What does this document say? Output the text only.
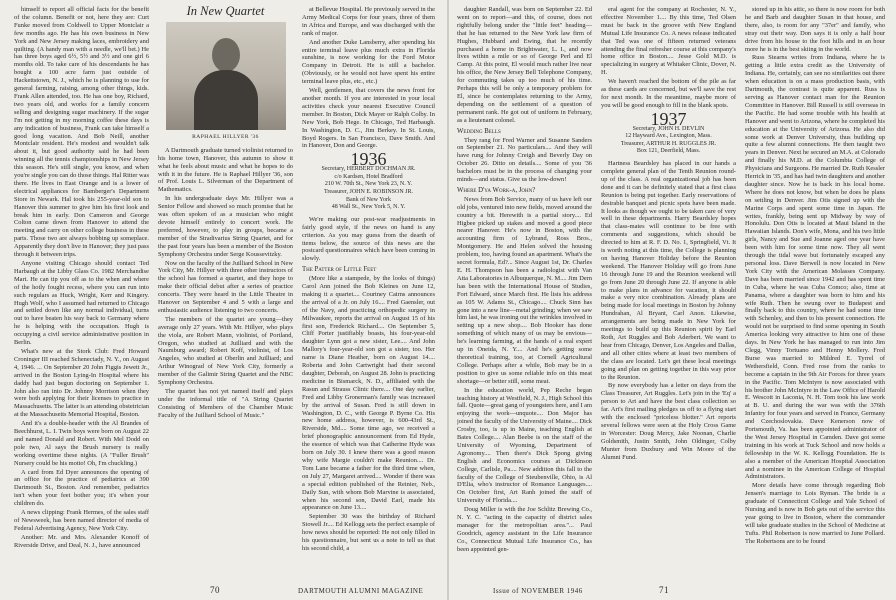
himself to report all official facts for the benefit of the column. Benefit or not, here they are: Curt Funke moved from Coldwell to Upper Montclair a few months ago. He has his own business in New York and New Jersey making laces, embroidery and quilting. (A handy man with a needle, we'll bet.) He has three boys aged 6½, 5½ and 3½ and one girl 6 months old. To take care of his descendants he has bought a 100 acre farm just outside of Hackettstown, N. J., which he is planning to use for general farming, raising, among other things, kids. Frank Allen attended, too. He has one boy, Richard, two years old, and works for a family concern selling and designing sugar machinery. If the sugar I'm not getting in my morning coffee these days is any indication of business, Frank can take himself a good long vacation. And Bob Neill, another Montclair resident. He's modest and wouldn't talk about it, but good authority said he had been winning all the tennis championships in New Jersey this season. He's still single, you know, and when you're single you can do those things. Hal Ritter was there. He lives in East Orange and is a lower of electrical appliances for Bamberger's Department Store in Newark. Hal took his 255-year-old son to Hanover this summer to give him his first look and break him in early. Don Cameron and George Colton came down from Hanover to attend the meeting and carry on other college business in these parts. Those two are always bobbing up someplace. Apparently they don't live in Hanover; they just pass through it between trips.

Anyone visiting Chicago should contact Ted Harbaugh at the Libby Glass Co. 1982 Merchandise Mart. He can tip you off as to the when and where of the hotly fought recess, where you can run into such regulars as Huck, Wright, Kerr and Kingery. Hugh Wolf, who I assumed had returned to Chicago and settled down like any normal individual, turns out to have beaten his way back to Germany where he is helping with the occupation. Hugh is occupying a civil service administrative position in Berlin.

What's new at the Stork Club: Fred Howard Croninger III reached Schenectady, N. Y., on August 4, 1946. ... On September 20 John Figgis Jewett Jr., arrived in the Boston Lying-In Hospital where his daddy had just begun doctoring on September 1. John also ran into Dr. Johnny Morrison when they were both applying for their licenses to practice in Massachusetts. The latter is an attending obstetrician at the Massachusetts Memorial Hospital, Boston.

And it's a double-header with the Al Brandes of Beechhurst, L. I. Twin boys were born on August 22 and named Donald and Robert. With Mel Dodd on pole two, Al says the Brush nursery is really working overtime these nights. (A "Fuller Brush" Nursery could be his motto! Oh, I'm chuckling.)

A card from Ed Dyer announces the opening of an office for the practice of pediatrics at 390 Dartmouth St., Boston. And remember, pediatrics isn't when your feet bother you; it's when your children do.

A news clipping: Frank Hermes, of the sales staff of Newsweek, has been named director of media of Federal Advertising Agency, New York City.

Another: Mr. and Mrs. Alexander Konoff of Riverside Drive, and Deal, N. J., have announced

In New Quartet
RAPHAEL HILLYER '36

A Dartmouth graduate turned violinist returned to his home town, Hanover, this autumn to show it what he feels about music and what he hopes to do with it in the future. He is Raphael Hillyer '36, son of Prof. Louis L. Silverman of the Department of Mathematics.

In his undergraduate days Mr. Hillyer was a Senior Fellow and showed so much promise that he was often spoken of as a musician who might devote himself entirely to concert work. He preferred, however, to play in groups, became a member of the Stradivarius String Quartet, and for the past four years has been a member of the Boston Symphony Orchestra under Serge Koussevitzky.

Now on the faculty of the Juilliard School in New York City, Mr. Hillyer with three other instructors of the school has formed a quartet, and they hope to make their official debut after a series of practice concerts. They were heard in the Little Theatre in Hanover on September 4 and 5 with a large and enthusiastic audience listening to two concerts.

The members of the quartet are young—they average only 27 years. With Mr. Hillyer, who plays the viola, are Robert Mann, violinist, of Portland, Oregon, who studied at Juilliard and with the Naumburg award; Robert Koff, violinist, of Los Angeles, who studied at Oberlin and Juilliard; and Arthur Winograd of New York City, formerly a member of the Galimir String Quartet and the NBC Symphony Orchestra.

The quartet has not yet named itself and plays under the informal title of "A String Quartet Consisting of Members of the Chamber Music Faculty of the Juilliard School of Music."

at Bellevue Hospital. He previously served in the Army Medical Corps for four years, three of them in Africa and Europe, and was discharged with the rank of major.

And another Duke Lansberry, after spending his entire terminal leave plus much extra in Florida sunshine, is now working for the Ford Motor Company in Detroit. He is still a bachelor. (Obviously, or he would not have spent his entire terminal leave plus, etc., etc.)

Well, gentlemen, that covers the news front for another month. If you are interested in your local activities check your nearest Executive Council member. In Boston, Dick Mayer or Ralph Colby. In New York, Bob Hege. In Chicago, Ted Harbaugh. In Washington, D. C., Jim Berkey. In St. Louis, Boyd Rogers. In San Francisco, Dave Smith. And in Hanover, Don and George.

1936
Secretary, HERBERT DOCHMAN JR.
c/o Kardsen, Hotel Bradford
210 W. 70th St., New York 23, N. Y.
Treasurer, JOHN E. ROBINSON JR.
Bank of New York
48 Wall St., New York 5, N. Y.

We're making our post-war readjustments in fairly good style, if the news on hand is any criterion. As you may guess from the dearth of items below, the source of this news are the postcard questionnaires which have been coming in slowly.

The Patter of Little Feet

(More like a stampede, by the looks of things) Carol Ann joined the Bob Kleines on June 12, making it a quartet.... Courtney Cairns announces the arrival of a Jr. on July 16.... Fred Gaensler, out of the Navy, and practicing orthopedic surgery in Milwaukee, reports the arrival on August 15 of his first son, Frederick Richard.... On September 5, Cliff Porter justifiably boasts, his four-year-old daughter Lynn got a new sister, Lee.... And John Mallory's four-year-old son got a sister, too. Her name is Diane Heather, born on August 14.... Roberta and John Cartwright had their second daughter, Deborah, on August 28. John is practicing medicine in Bismarck, N. D., affiliated with the Rasun and Strauss Clinic there.... One day earlier, Fred and Libby Gronerman's family was increased by the arrival of Susan. Fred is still down in Washington, D. C., with George P. Byrne Co. His new home address, however, is 600-43rd St., Riverside, Md.... Some time ago, we received a brief phonographic announcement from Ed Hyde, the essence of which was that Catherine Hyde was born on July 30. I knew there was a good reason why wife Margie couldn't make Reunion.... Dr. Tom Lane became a father for the third time when, on July 27, Margaret arrived.... Wonder if there was a special edition published of the Reinier, Neb., Daily Sun, with whom Bob Marvine is associated, when his second son, David Earl, made his appearance on June 13....

September 30 was the birthday of Richard Stowell Jr.... Ed Kellogg sets the perfect example of how news should be reported: He not only filled in his questionnaire, but sent us a note to tell us that his second child, a

70	DARTMOUTH ALUMNI MAGAZINE

daughter Randall, was born on September 22. Ed went on to report—and this, of course, does not rightfully belong under the "little feet" heading—that he has returned to the New York law firm of Hughes, Hubbard and Ewing, that he recently purchased a home in Brightwater, L. I., and now lives within a mile or so of George Perl and El Camp. At this point, El would much rather live near his office, the New Jersey Bell Telephone Company, for commuting takes up too much of his time. Perhaps this will be only a temporary problem for El, since he contemplates returning to the Army, depending on the settlement of a question of permanent rank. He got out of uniform in February, as a lieutenant colonel.

Wedding Bells

They rang for Fred Warner and Susanne Sanders on September 21. No particulars.... And they will have rung for Johnny Creigh and Beverly Day on October 26. Ditto on details.... Some of you '36 bachelors must be in the process of changing your minds—and status. Give us the low-down!

Where D'ya Work-a, John?

News from Bob Service, many of us have left our old jobs, ventured into new fields, moved around the country a bit. Herewith is a partial story.... Ed Higbee picked up stakes and moved a good piece nearer Hanover. He's now in Boston, with the accounting firm of Lybrand, Ross Bros., Montgomery. He and Helen solved the housing problem, too, having found an apartment. What's the secret formula, Ed?... Since August 1st, Dr. Charles E. H. Thompson has been a radiologist with Van Atta Laboratories in Albuquerque, N. M.... Jim Dern has been with the International House of Studies, Fort Edward, since March first. He lists his address as 105 W. Adams St., Chicago.... Chuck Sinn has gone into a new line—metal grinding; when we saw him last, he was ironing out the wrinkles involved in setting up a new shop.... Bob Hooker has done something of which many of us may be envious—he's learning farming, at the hands of a real expert up in Oneida, N. Y.... And he's getting some theoretical training, too, at Cornell Agricultural College. Perhaps after a while, Bob may be in a position to give us some reliable info on this meat shortage—or better still, some meat.

In the education world, Pep Reche began teaching history at Westfield, N. J., High School this fall. Quote—great gang of youngsters here, and I am enjoying the work—unquote.... Don Major has joined the faculty of the University of Maine.... Dick Crosby, too, is up in Maine, teaching English at Bates College.... Alan Beebe is on the staff of the University of Wyoming, Department of Agronomy.... Then there's Dick Spong giving English and Economics courses at Dickinson College, Carlisle, Pa.... New addition this fall to the faculty of the College of Steubenville, Ohio, is Al D'Elia, who's instructor of Romance Languages.... On October first, Art Ranh joined the staff of University of Florida....

Doug Miller is with the Joe Schlitz Brewing Co., N. Y. C. "acting in the capacity of district sales manager for the metropolitan area."... Paul Goodrich, agency assistant in the Life Insurance Co., Connecticut Mutual Life Insurance Co., has been appointed gen-

eral agent for the company at Rochester, N. Y., effective November 1.... By this time, Ted Olsen must be back in the groove with New England Mutual Life Insurance Co. A news release indicated that Ted was one of fifteen returned veterans attending the final refresher course at this company's home office in Boston.... Jesse Gold M.D. is specializing in surgery at Whitaker Clinic, Dover, N. H.

We haven't reached the bottom of the pile as far as these cards are concerned, but we'll save the rest for next month. In the meantime, maybe more of you will be good enough to fill in the blank spots.

1937
Secretary, JOHN H. DEVLIN
12 Hayward Ave., Lexington, Mass.
Treasurer, ARTHUR H. RUGGLES JR.
Box 121, Deerfield, Mass.

Hartness Beardsley has placed in our hands a complete general plan of the Tenth Reunion round-up of the class. A real organizational job has been done and it can be definitely stated that a first class Reunion is being put together. Early reservations of desirable banquet and picnic spots have been made. It looks as though we ought to be taken care of very well in these departments. Harry Beardsley hopes that class-mates will continue to be free with comments and suggestions, which should be directed to him at R. F. D. No. 1, Springfield, Vt. It is worth noting at this time, the College is planning on having Hanover Holiday before the Reunion weekend. The Hanover Holiday will go from June 16 through June 19 and the Reunion weekend will go from June 20 through June 22. If anyone is able to make plans in advance for vacation, it should make a very nice combination. Already plans are being made for local meetings in Boston by Johnny Hundrahan, Al Bryant, Carl Anon. Likewise, arrangements are being made in New York for meetings to build up this Reunion spirit by Earl Roth, Art Ruggles and Bob Aderbert. We want to hear from Chicago, Denver, Los Angeles and Dallas, and all other cities where at least two members of the class are located. Let's get these local meetings going and plan on getting together in this way prior to the Reunion.

By now everybody has a letter on days from the Class Treasurer, Art Ruggles. Let's join in the 'Eq' a person to Art and have the best class collection so far. Art's first mailing pledges us off to a flying start with the enclosed "priceless blotter." Art reports several fellows were seen at the Holy Cross Game in Worcester: Doug Mercy, Jake Noonan, Charlie Goldsmith, Justin Smith, John Oldinger, Colby Munter from Duxbury and Win Moore of the Alumni Fund.

stored up in his attic, so there is now room for both he and Barb and daughter Susan in that house, and there, also, is room for any "37er" and family, who stray out their way. Don says it is only a half hour drive from his house to the foot hills and in an hour more he is in the best skiing in the world.

Russ Stearns writes from Indiana, where he is getting a little extra credit as the University of Indiana. He, certainly, can see no similarities out there when education is on a mass production basis, with Dartmouth, the contrast is quite apparent. Russ is serving as Hanover contact man for the Reunion Committee in Hanover. Bill Russell is still overseas in the Pacific. He had some trouble with his health at Hanover and went to Arizona, where he completed his education at the University of Arizona. He also did some work at Denver University, thus building up quite a few alumni connections. He then taught two years in Denver. Next he secured an M.A. at Colorado and finally his M.D. at the Columbia College of Physicians and Surgeons. He married Dr. Ruth Kessler Herrick in '35, and has had twin daughters and another daughter since. Now he is back in his local home. Where he does not know, but when he does he plans on settling in Denver. Jim Otis signed up with the Marine Corps and spent some time in Japan. He writes, frankly, being sent up Midway by way of Honolulu. Don Otis is located at Maui Island in the Hawaiian Islands. Don's wife, Mona, and his two little girls, Nancy and Sue and Joanne aged one year have been with him for some time now. They all went through the tidal wave but fortunately escaped any personal loss. Dave Berwell is now located in New York City with the American Molasses Company. Dave has been married since 1942 and has spent time in Cuba, where he was Cuba Comco; also, time at Panama, where a daughter was born to him and his wife Ruth. Then he swung over to Budapest and finally back to this country, where he had some time with Schenley, and then to his present connection. He would not be surprised to find some opening in South America looking very attractive to him one of these days. In New York he has managed to run into Jim Clegg, Vinny Tortuano and Henny Mollery. Fred Burse was married to Mildred E. Tyrrel of Wethersfield, Conn. Fred rose from the ranks to become a captain in the 9th Air Forces for three years in the Pacific. Tom McIntyre is now associated with his brother John McIntyre in the Law Office of Harold E. Wescott in Laconia, N. H. Tom took his law work at B. U. and during the war was with the 376th Infantry for four years and served in France, Germany and Czechoslovakia. Dave Kenerson now of Portsmouth, Va. has been appointed administrator of the West Jersey Hospital in Camden. Dave got some training in his work at Tuck School and now holds a fellowship in the W. K. Kellogg Foundation. He is also a member of the American Hospital Association and a nominee in the American College of Hospital Administrators.

More details have come through regarding Bob Jensen's marriage to Lois Ryman. The bride is a graduate of Connecticut College and Yale School of Nursing and is now in Bob gets out of the service this year going to live in Boston, where the commander will take graduate studies in the School of Medicine at Tufts. Phil Robertson is now married to June Pollard. The Robertsons are to be found

Issue of NOVEMBER 1946	71
